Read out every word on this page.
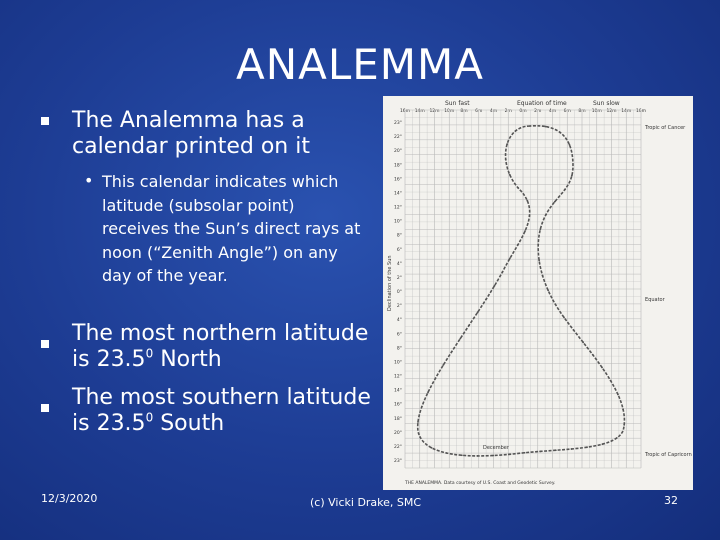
ANALEMMA

The Analemma has a calendar printed on it

• This calendar indicates which latitude (subsolar point) receives the Sun’s direct rays at noon (“Zenith Angle”) on any day of the year.

The most northern latitude is 23.5$^0$ North

The most southern latitude is 23.5$^0$ South

Sun fast	Equation of time	Sun slow
16m 14m 12m 10m 8m 6m 4m 2m 0m 2m 4m 6m 8m 10m 12m 14m 16m
23°
22°
20°
18°
16°
14°
12°
10°
8°
6°
4°
2°
0°
2°
4°
6°
8°
10°
12°
14°
16°
18°
20°
22°
23°
Declination of the Sun
Tropic of Cancer
Equator
Tropic of Capricorn
December
THE ANALEMMA. Data courtesy of U.S. Coast and Geodetic Survey.
12/3/2020	(c) Vicki Drake, SMC	32
